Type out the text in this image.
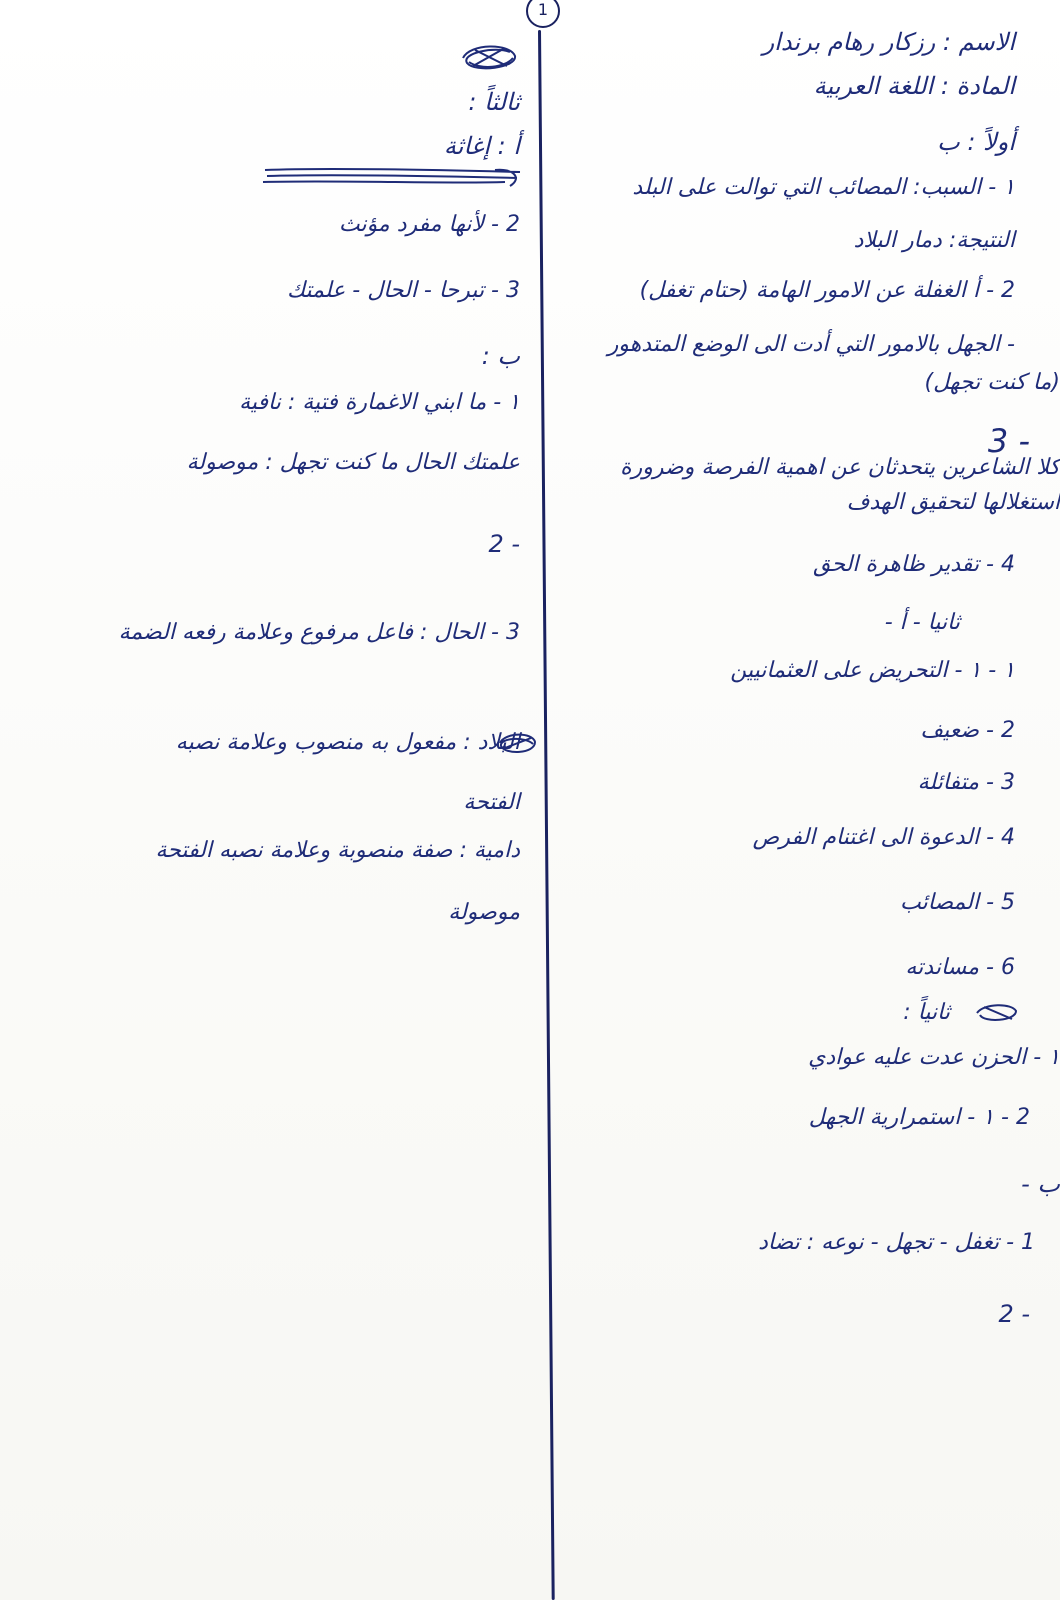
1
الاسم : رزكار رهام برندار
المادة : اللغة العربية
أولاً : ب
١ - السبب: المصائب التي توالت على البلد
النتيجة: دمار البلاد
2 - أ الغفلة عن الامور الهامة (حتام تغفل)
- الجهل بالامور التي أدت الى الوضع المتدهور
(ما كنت تجهل)
3 -
كلا الشاعرين يتحدثان عن اهمية الفرصة وضرورة
استغلالها لتحقيق الهدف
4 - تقدير ظاهرة الحق
ثانيا - أ -
١ - ١ - التحريض على العثمانيين
2 - ضعيف
3 - متفائلة
4 - الدعوة الى اغتنام الفرص
5 - المصائب
6 - مساندته
ثانياً :
١ - الحزن عدت عليه عوادي
2 - ١ - استمرارية الجهل
ب -
1 - تغفل - تجهل - نوعه : تضاد
2 -
ثالثاً :
أ : إغاثة
2 - لأنها مفرد مؤنث
3 - تبرحا - الحال - علمتك
ب :
١ - ما ابني الاغمارة فتية : نافية
علمتك الحال ما كنت تجهل : موصولة
2 -
3 - الحال : فاعل مرفوع وعلامة رفعه الضمة
البلاد : مفعول به منصوب وعلامة نصبه
الفتحة
دامية : صفة منصوبة وعلامة نصبه الفتحة
موصولة
